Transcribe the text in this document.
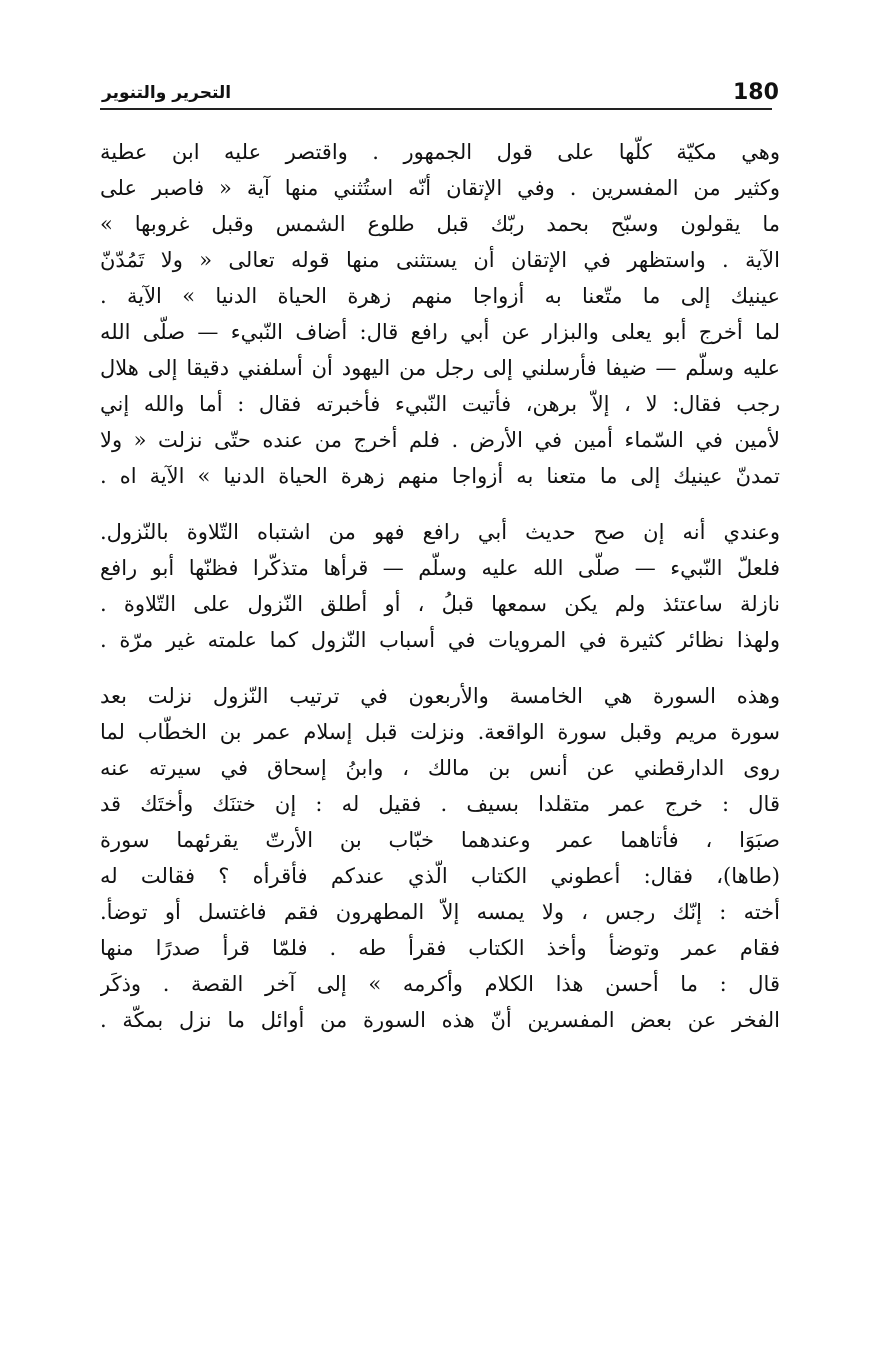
180
التحرير والتنوير
وهي مكيّة كلّها على قول الجمهور . واقتصر عليه ابن عطية
وكثير من المفسرين . وفي الإتقان أنّه استُثني منها آية « فاصبر على
ما يقولون وسبّح بحمد ربّك قبل طلوع الشمس وقبل غروبها »
الآية . واستظهر في الإتقان أن يستثنى منها قوله تعالى « ولا تَمُدّنّ
عينيك إلى ما متّعنا به أزواجا منهم زهرة الحياة الدنيا » الآية .
لما أخرج أبو يعلى والبزار عن أبي رافع قال: أضاف النّبيء — صلّى الله
عليه وسلّم — ضيفا فأرسلني إلى رجل من اليهود أن أسلفني دقيقا إلى هلال
رجب فقال: لا ، إلاّ برهن، فأتيت النّبيء فأخبرته فقال : أما والله إني
لأمين في السّماء أمين في الأرض . فلم أخرج من عنده حتّى نزلت « ولا
تمدنّ عينيك إلى ما متعنا به أزواجا منهم زهرة الحياة الدنيا » الآية اه .
وعندي أنه إن صح حديث أبي رافع فهو من اشتباه التّلاوة بالنّزول.
فلعلّ النّبيء — صلّى الله عليه وسلّم — قرأها متذكّرا فظنّها أبو رافع
نازلة ساعتئذ ولم يكن سمعها قبلُ ، أو أطلق النّزول على التّلاوة .
ولهذا نظائر كثيرة في المرويات في أسباب النّزول كما علمته غير مرّة .
وهذه السورة هي الخامسة والأربعون في ترتيب النّزول نزلت بعد
سورة مريم وقبل سورة الواقعة. ونزلت قبل إسلام عمر بن الخطّاب لما
روى الدارقطني عن أنس بن مالك ، وابنُ إسحاق في سيرته عنه
قال : خرج عمر متقلدا بسيف . فقيل له : إن ختنَك وأختَك قد
صبَوَا ، فأتاهما عمر وعندهما خبّاب بن الأرتّ يقرئهما سورة
(طاها)، فقال: أعطوني الكتاب الّذي عندكم فأقرأه ؟ فقالت له
أخته : إنّك رجس ، ولا يمسه إلاّ المطهرون فقم فاغتسل أو توضأ.
فقام عمر وتوضأ وأخذ الكتاب فقرأ طه . فلمّا قرأ صدرًا منها
قال : ما أحسن هذا الكلام وأكرمه » إلى آخر القصة . وذكَر
الفخر عن بعض المفسرين أنّ هذه السورة من أوائل ما نزل بمكّة .
